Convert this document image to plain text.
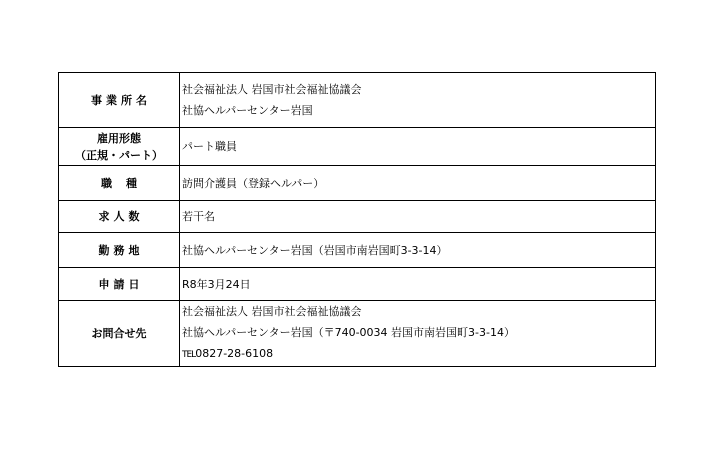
事業所名	社会福祉法人 岩国市社会福祉協議会
社協ヘルパーセンター岩国

雇用形態
（正規・パート）	パート職員

職種	訪問介護員（登録ヘルパー）

求人数	若干名

勤務地	社協ヘルパーセンター岩国（岩国市南岩国町3-3-14）

申請日	R8年3月24日

お問合せ先	社会福祉法人 岩国市社会福祉協議会
社協ヘルパーセンター岩国（〒740-0034 岩国市南岩国町3-3-14）
TEL0827-28-6108
